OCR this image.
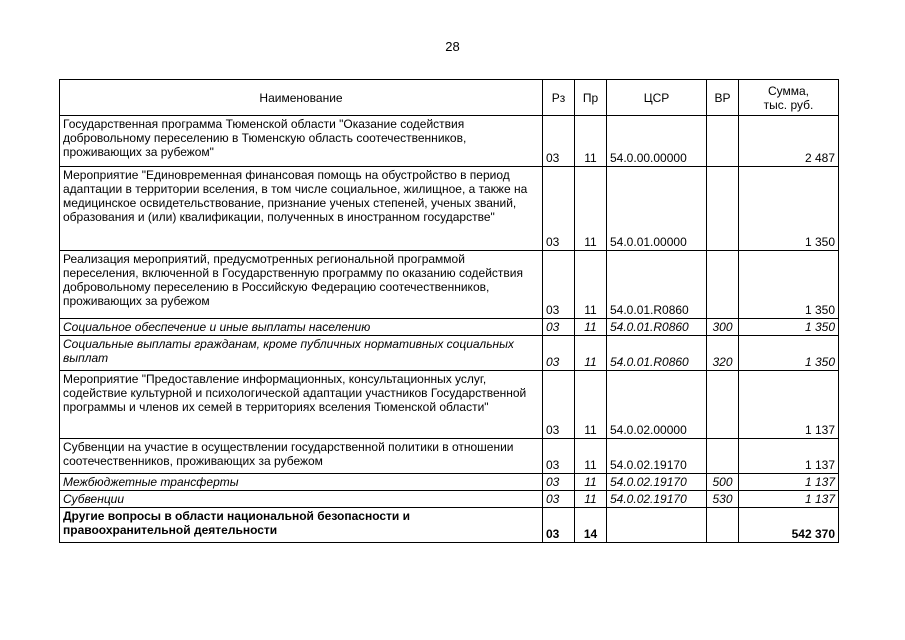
28
Наименование	Рз	Пр	ЦСР	ВР	Сумма,
тыс. руб.

Государственная программа Тюменской области "Оказание содействия добровольному переселению в Тюменскую область соотечественников, проживающих за рубежом"	03	11	54.0.00.00000		2 487
Мероприятие "Единовременная финансовая помощь на обустройство в период адаптации в территории вселения, в том числе социальное, жилищное, а также на медицинское освидетельствование, признание ученых степеней, ученых званий, образования и (или) квалификации, полученных в иностранном государстве"	03	11	54.0.01.00000		1 350
Реализация мероприятий, предусмотренных региональной программой переселения, включенной в Государственную программу по оказанию содействия добровольному переселению в Российскую Федерацию соотечественников, проживающих за рубежом	03	11	54.0.01.R0860		1 350
Социальное обеспечение и иные выплаты населению	03	11	54.0.01.R0860	300	1 350
Социальные выплаты гражданам, кроме публичных нормативных социальных выплат	03	11	54.0.01.R0860	320	1 350
Мероприятие "Предоставление информационных, консультационных услуг, содействие культурной и психологической адаптации участников Государственной программы и членов их семей в территориях вселения Тюменской области"	03	11	54.0.02.00000		1 137
Субвенции на участие в осуществлении государственной политики в отношении соотечественников, проживающих за рубежом	03	11	54.0.02.19170		1 137
Межбюджетные трансферты	03	11	54.0.02.19170	500	1 137
Субвенции	03	11	54.0.02.19170	530	1 137
Другие вопросы в области национальной безопасности и правоохранительной деятельности	03	14			542 370
